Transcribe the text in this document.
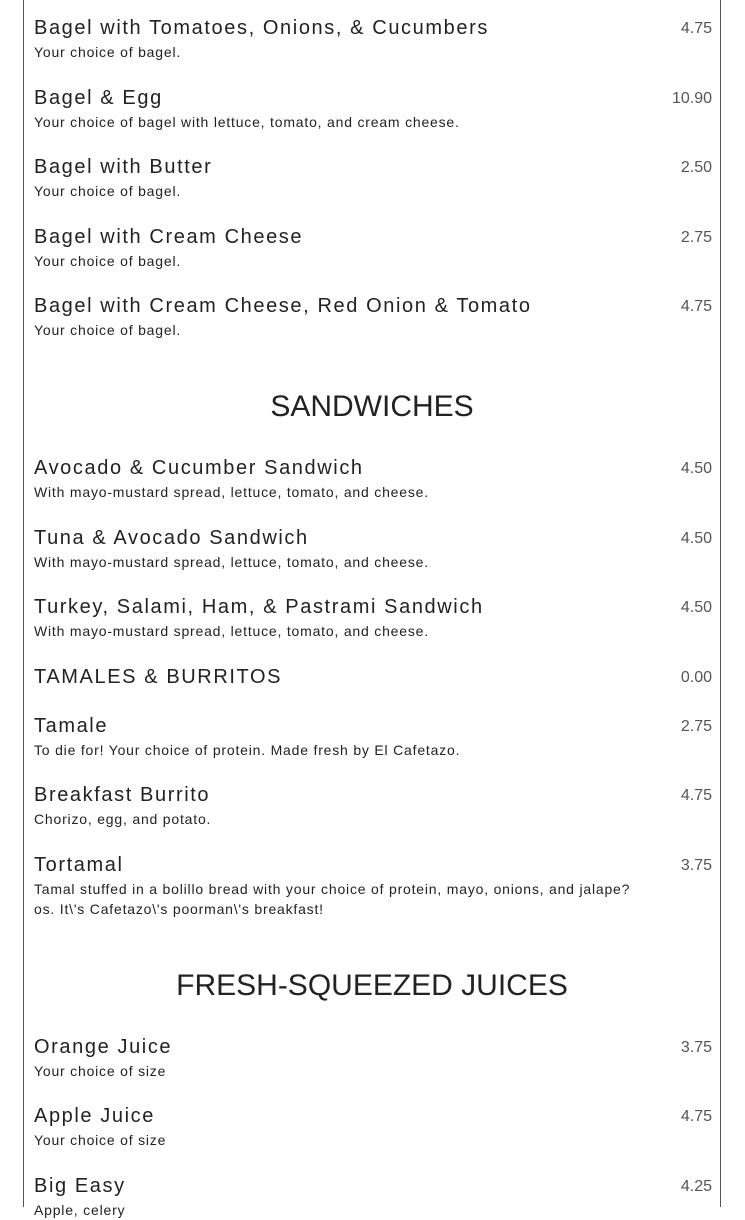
Bagel with Tomatoes, Onions, & Cucumbers	4.75
Your choice of bagel.
Bagel & Egg	10.90
Your choice of bagel with lettuce, tomato, and cream cheese.
Bagel with Butter	2.50
Your choice of bagel.
Bagel with Cream Cheese	2.75
Your choice of bagel.
Bagel with Cream Cheese, Red Onion & Tomato	4.75
Your choice of bagel.
SANDWICHES
Avocado & Cucumber Sandwich	4.50
With mayo-mustard spread, lettuce, tomato, and cheese.
Tuna & Avocado Sandwich	4.50
With mayo-mustard spread, lettuce, tomato, and cheese.
Turkey, Salami, Ham, & Pastrami Sandwich	4.50
With mayo-mustard spread, lettuce, tomato, and cheese.
TAMALES & BURRITOS	0.00
Tamale	2.75
To die for! Your choice of protein. Made fresh by El Cafetazo.
Breakfast Burrito	4.75
Chorizo, egg, and potato.
Tortamal	3.75
Tamal stuffed in a bolillo bread with your choice of protein, mayo, onions, and jalape?os. It\'s Cafetazo\'s poorman\'s breakfast!
FRESH-SQUEEZED JUICES
Orange Juice	3.75
Your choice of size
Apple Juice	4.75
Your choice of size
Big Easy	4.25
Apple, celery
